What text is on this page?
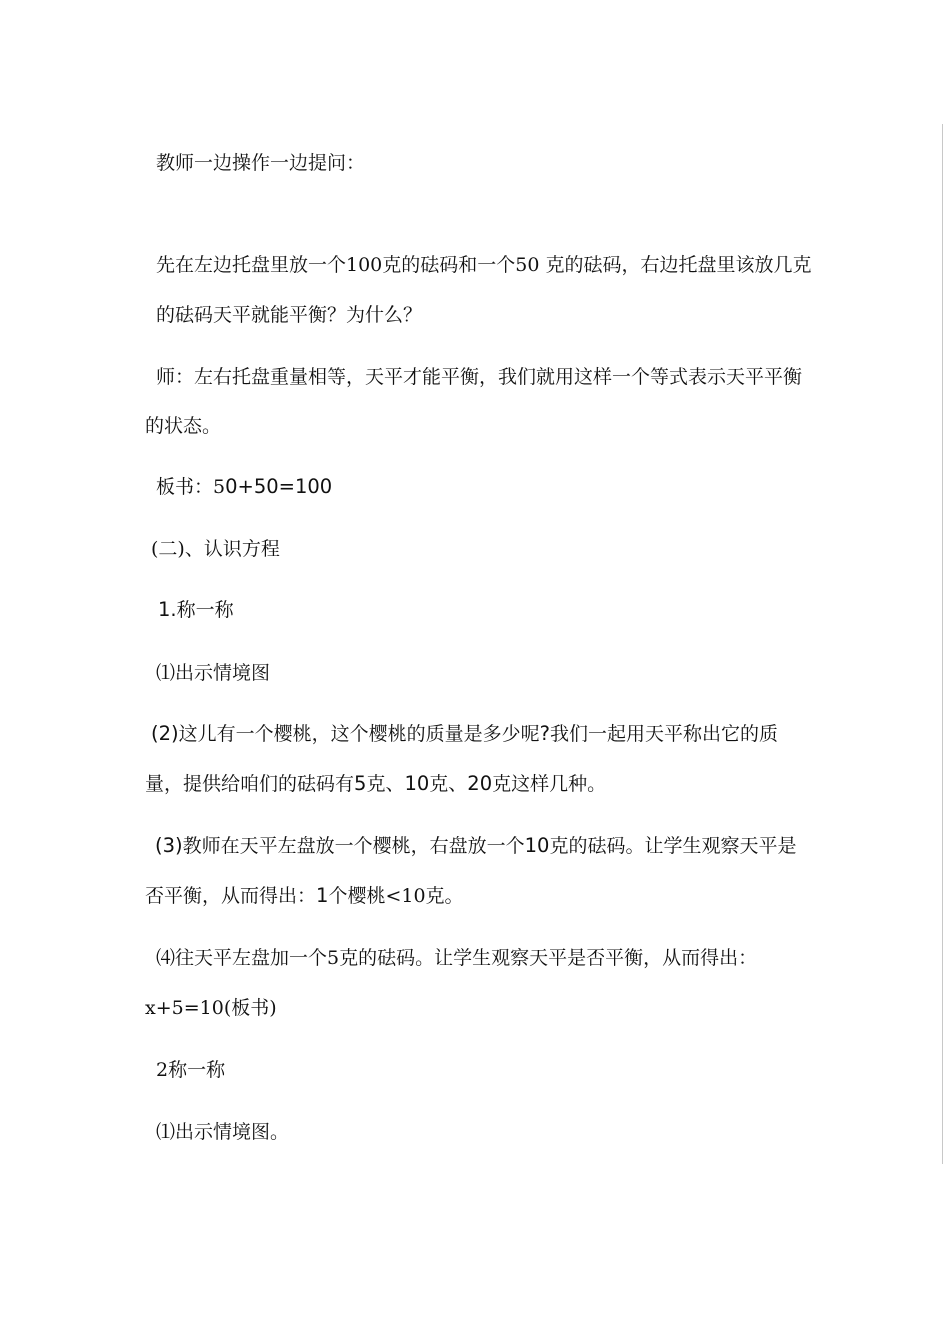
教师一边操作一边提问：
先在左边托盘里放一个100克的砝码和一个50 克的砝码，右边托盘里该放几克
的砝码天平就能平衡？为什么？
师：左右托盘重量相等，天平才能平衡，我们就用这样一个等式表示天平平衡
的状态。
板书：50+50=100
(二)、认识方程
1.称一称
⑴出示情境图
(2)这儿有一个樱桃，这个樱桃的质量是多少呢?我们一起用天平称出它的质
量，提供给咱们的砝码有5克、10克、20克这样几种。
(3)教师在天平左盘放一个樱桃，右盘放一个10克的砝码。让学生观察天平是
否平衡，从而得出：1个樱桃<10克。
⑷往天平左盘加一个5克的砝码。让学生观察天平是否平衡，从而得出：
x+5=10(板书)
2称一称
⑴出示情境图。
